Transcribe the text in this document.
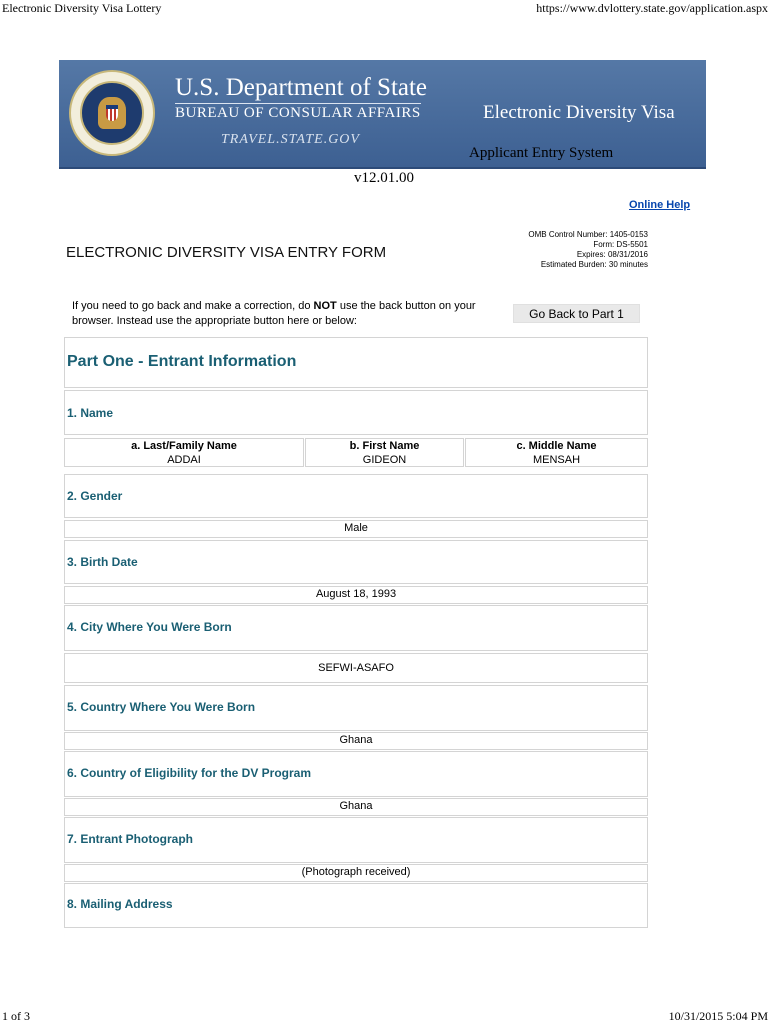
Electronic Diversity Visa Lottery	https://www.dvlottery.state.gov/application.aspx
U.S. Department of State
BUREAU OF CONSULAR AFFAIRS
TRAVEL.STATE.GOV
Electronic Diversity Visa
Applicant Entry System
v12.01.00
Online Help
ELECTRONIC DIVERSITY VISA ENTRY FORM
OMB Control Number: 1405-0153
Form: DS-5501
Expires: 08/31/2016
Estimated Burden: 30 minutes
If you need to go back and make a correction, do NOT use the back button on your browser. Instead use the appropriate button here or below:	Go Back to Part 1
Part One - Entrant Information
1. Name
a. Last/Family Name
ADDAI
b. First Name
GIDEON
c. Middle Name
MENSAH
2. Gender
Male
3. Birth Date
August 18, 1993
4. City Where You Were Born
SEFWI-ASAFO
5. Country Where You Were Born
Ghana
6. Country of Eligibility for the DV Program
Ghana
7. Entrant Photograph
(Photograph received)
8. Mailing Address
1 of 3	10/31/2015 5:04 PM
